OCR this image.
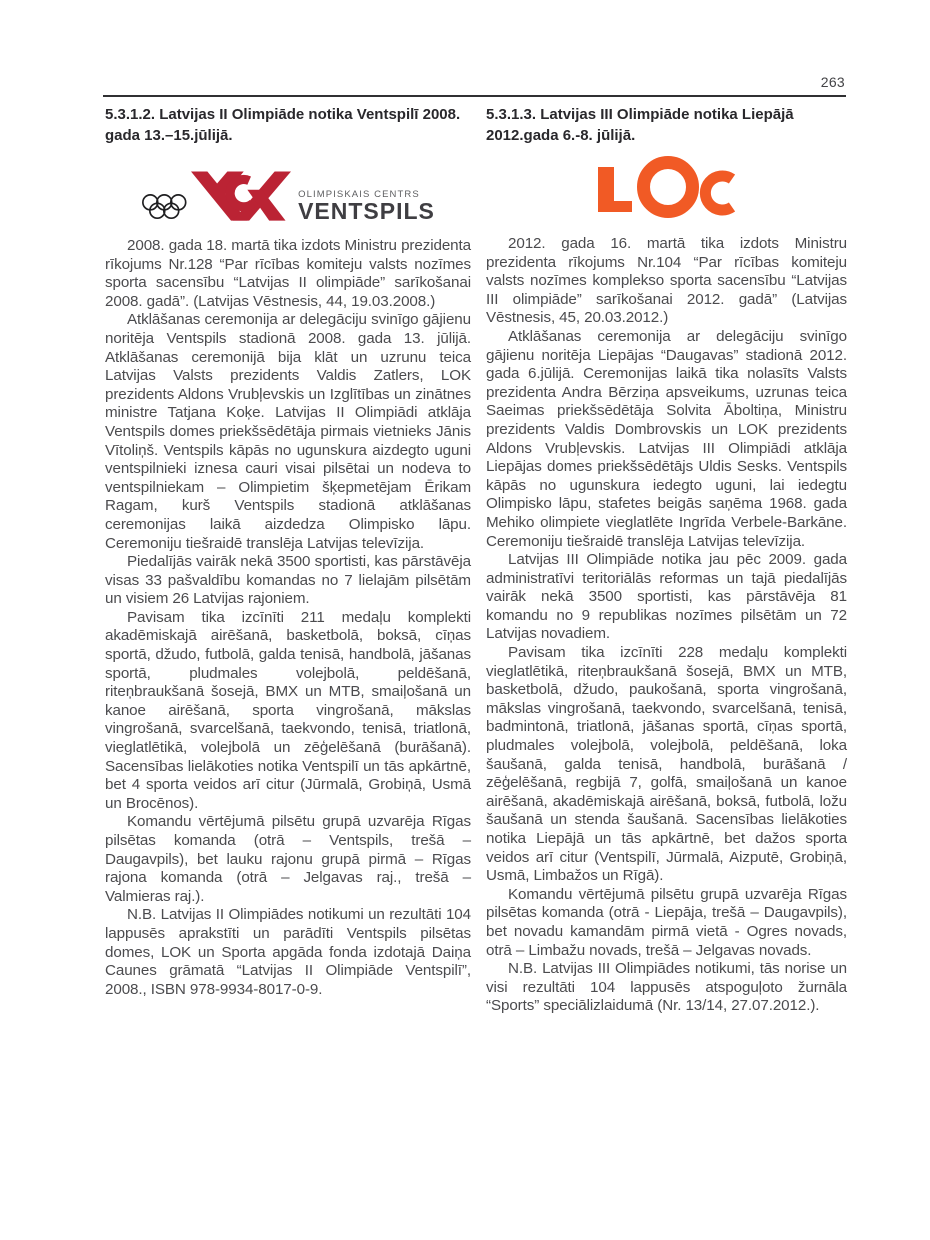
263
5.3.1.2. Latvijas II Olimpiāde notika Ventspilī 2008. gada 13.–15.jūlijā.
OLIMPISKAIS CENTRS
VENTSPILS

2008. gada 18. martā tika izdots Ministru prezidenta rīkojums Nr.128 “Par rīcības komiteju valsts nozīmes sporta sacensību “Latvijas II olimpiāde” sarīkošanai 2008. gadā”. (Latvijas Vēstnesis, 44, 19.03.2008.)

Atklāšanas ceremonija ar delegāciju svinīgo gājienu noritēja Ventspils stadionā 2008. gada 13. jūlijā. Atklāšanas ceremonijā bija klāt un uzrunu teica Latvijas Valsts prezidents Valdis Zatlers, LOK prezidents Aldons Vrubļevskis un Izglītības un zinātnes ministre Tatjana Koķe. Latvijas II Olimpiādi atklāja Ventspils domes priekšsēdētāja pirmais vietnieks Jānis Vītoliņš. Ventspils kāpās no ugunskura aizdegto uguni ventspilnieki iznesa cauri visai pilsētai un nodeva to ventspilniekam – Olimpietim šķepmetējam Ērikam Ragam, kurš Ventspils stadionā atklāšanas ceremonijas laikā aizdedza Olimpisko lāpu. Ceremoniju tiešraidē translēja Latvijas televīzija.

Piedalījās vairāk nekā 3500 sportisti, kas pārstāvēja visas 33 pašvaldību komandas no 7 lielajām pilsētām un visiem 26 Latvijas rajoniem.

Pavisam tika izcīnīti 211 medaļu komplekti akadēmiskajā airēšanā, basketbolā, boksā, cīņas sportā, džudo, futbolā, galda tenisā, handbolā, jāšanas sportā, pludmales volejbolā, peldēšanā, riteņbraukšanā šosejā, BMX un MTB, smaiļošanā un kanoe airēšanā, sporta vingrošanā, mākslas vingrošanā, svarcelšanā, taekvondo, tenisā, triatlonā, vieglatlētikā, volejbolā un zēģelēšanā (burāšanā). Sacensības lielākoties notika Ventspilī un tās apkārtnē, bet 4 sporta veidos arī citur (Jūrmalā, Grobiņā, Usmā un Brocēnos).

Komandu vērtējumā pilsētu grupā uzvarēja Rīgas pilsētas komanda (otrā – Ventspils, trešā – Daugavpils), bet lauku rajonu grupā pirmā – Rīgas rajona komanda (otrā – Jelgavas raj., trešā – Valmieras raj.).

N.B. Latvijas II Olimpiādes notikumi un rezultāti 104 lappusēs aprakstīti un parādīti Ventspils pilsētas domes, LOK un Sporta apgāda fonda izdotajā Daiņa Caunes grāmatā “Latvijas II Olimpiāde Ventspilī”, 2008., ISBN 978-9934-8017-0-9.

5.3.1.3. Latvijas III Olimpiāde notika Liepājā 2012.gada 6.-8. jūlijā.

2012. gada 16. martā tika izdots Ministru prezidenta rīkojums Nr.104 “Par rīcības komiteju valsts nozīmes komplekso sporta sacensību “Latvijas III olimpiāde” sarīkošanai 2012. gadā” (Latvijas Vēstnesis, 45, 20.03.2012.)

Atklāšanas ceremonija ar delegāciju svinīgo gājienu noritēja Liepājas “Daugavas” stadionā 2012. gada 6.jūlijā. Ceremonijas laikā tika nolasīts Valsts prezidenta Andra Bērziņa apsveikums, uzrunas teica Saeimas priekšsēdētāja Solvita Āboltiņa, Ministru prezidents Valdis Dombrovskis un LOK prezidents Aldons Vrubļevskis. Latvijas III Olimpiādi atklāja Liepājas domes priekšsēdētājs Uldis Sesks. Ventspils kāpās no ugunskura iedegto uguni, lai iedegtu Olimpisko lāpu, stafetes beigās saņēma 1968. gada Mehiko olimpiete vieglatlēte Ingrīda Verbele-Barkāne. Ceremoniju tiešraidē translēja Latvijas televīzija.

Latvijas III Olimpiāde notika jau pēc 2009. gada administratīvi teritoriālās reformas un tajā piedalījās vairāk nekā 3500 sportisti, kas pārstāvēja 81 komandu no 9 republikas nozīmes pilsētām un 72 Latvijas novadiem.

Pavisam tika izcīnīti 228 medaļu komplekti vieglatlētikā, riteņbraukšanā šosejā, BMX un MTB, basketbolā, džudo, paukošanā, sporta vingrošanā, mākslas vingrošanā, taekvondo, svarcelšanā, tenisā, badmintonā, triatlonā, jāšanas sportā, cīņas sportā, pludmales volejbolā, volejbolā, peldēšanā, loka šaušanā, galda tenisā, handbolā, burāšanā / zēģelēšanā, regbijā 7, golfā, smaiļošanā un kanoe airēšanā, akadēmiskajā airēšanā, boksā, futbolā, ložu šaušanā un stenda šaušanā. Sacensības lielākoties notika Liepājā un tās apkārtnē, bet dažos sporta veidos arī citur (Ventspilī, Jūrmalā, Aizputē, Grobiņā, Usmā, Limbažos un Rīgā).

Komandu vērtējumā pilsētu grupā uzvarēja Rīgas pilsētas komanda (otrā - Liepāja, trešā – Daugavpils), bet novadu kamandām pirmā vietā - Ogres novads, otrā – Limbažu novads, trešā – Jelgavas novads.

N.B. Latvijas III Olimpiādes notikumi, tās norise un visi rezultāti 104 lappusēs atspoguļoto žurnāla “Sports” speciālizlaidumā (Nr. 13/14, 27.07.2012.).
